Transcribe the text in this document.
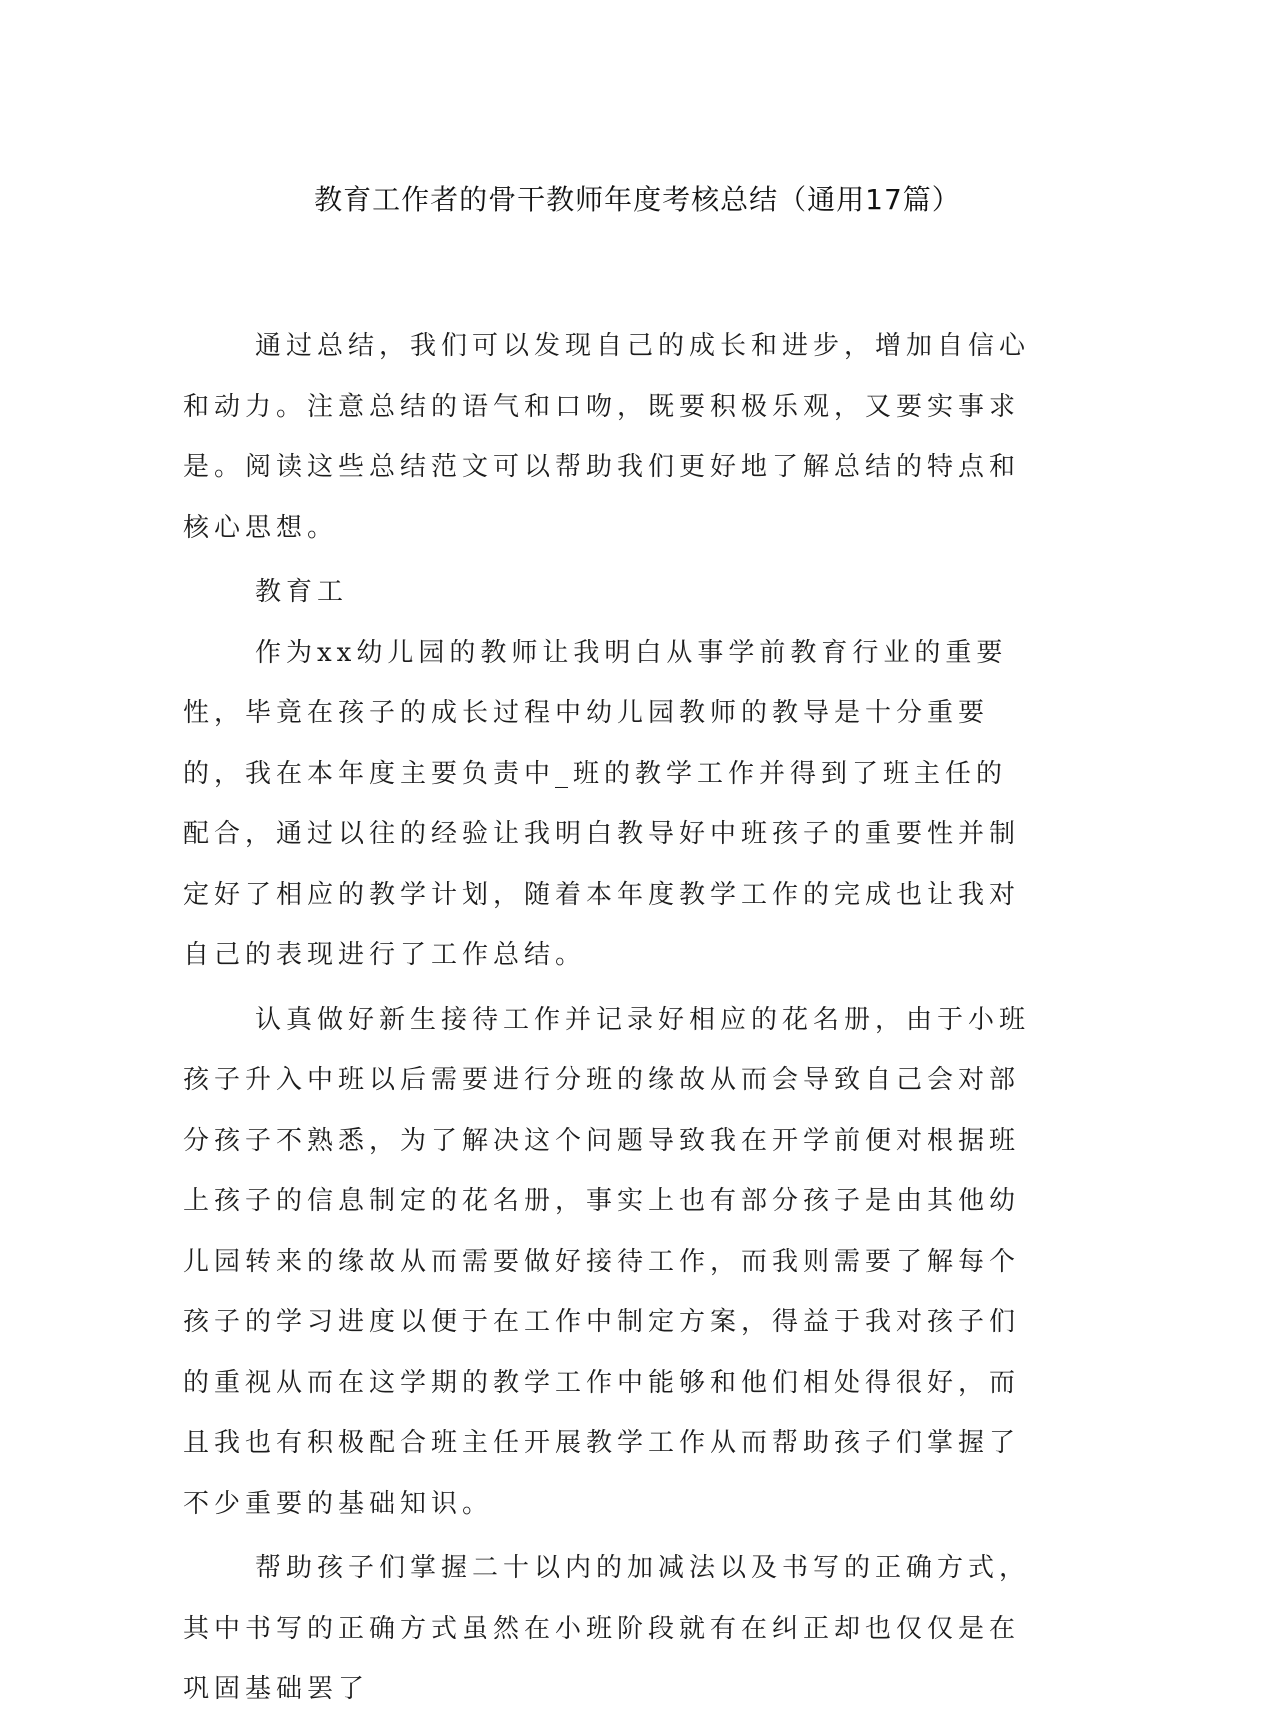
教育工作者的骨干教师年度考核总结（通用17篇）

通过总结，我们可以发现自己的成长和进步，增加自信心和动力。注意总结的语气和口吻，既要积极乐观，又要实事求是。阅读这些总结范文可以帮助我们更好地了解总结的特点和核心思想。

教育工

作为xx幼儿园的教师让我明白从事学前教育行业的重要性，毕竟在孩子的成长过程中幼儿园教师的教导是十分重要的，我在本年度主要负责中_班的教学工作并得到了班主任的配合，通过以往的经验让我明白教导好中班孩子的重要性并制定好了相应的教学计划，随着本年度教学工作的完成也让我对自己的表现进行了工作总结。

认真做好新生接待工作并记录好相应的花名册，由于小班孩子升入中班以后需要进行分班的缘故从而会导致自己会对部分孩子不熟悉，为了解决这个问题导致我在开学前便对根据班上孩子的信息制定的花名册，事实上也有部分孩子是由其他幼儿园转来的缘故从而需要做好接待工作，而我则需要了解每个孩子的学习进度以便于在工作中制定方案，得益于我对孩子们的重视从而在这学期的教学工作中能够和他们相处得很好，而且我也有积极配合班主任开展教学工作从而帮助孩子们掌握了不少重要的基础知识。

帮助孩子们掌握二十以内的加减法以及书写的正确方式，其中书写的正确方式虽然在小班阶段就有在纠正却也仅仅是在巩固基础罢了
